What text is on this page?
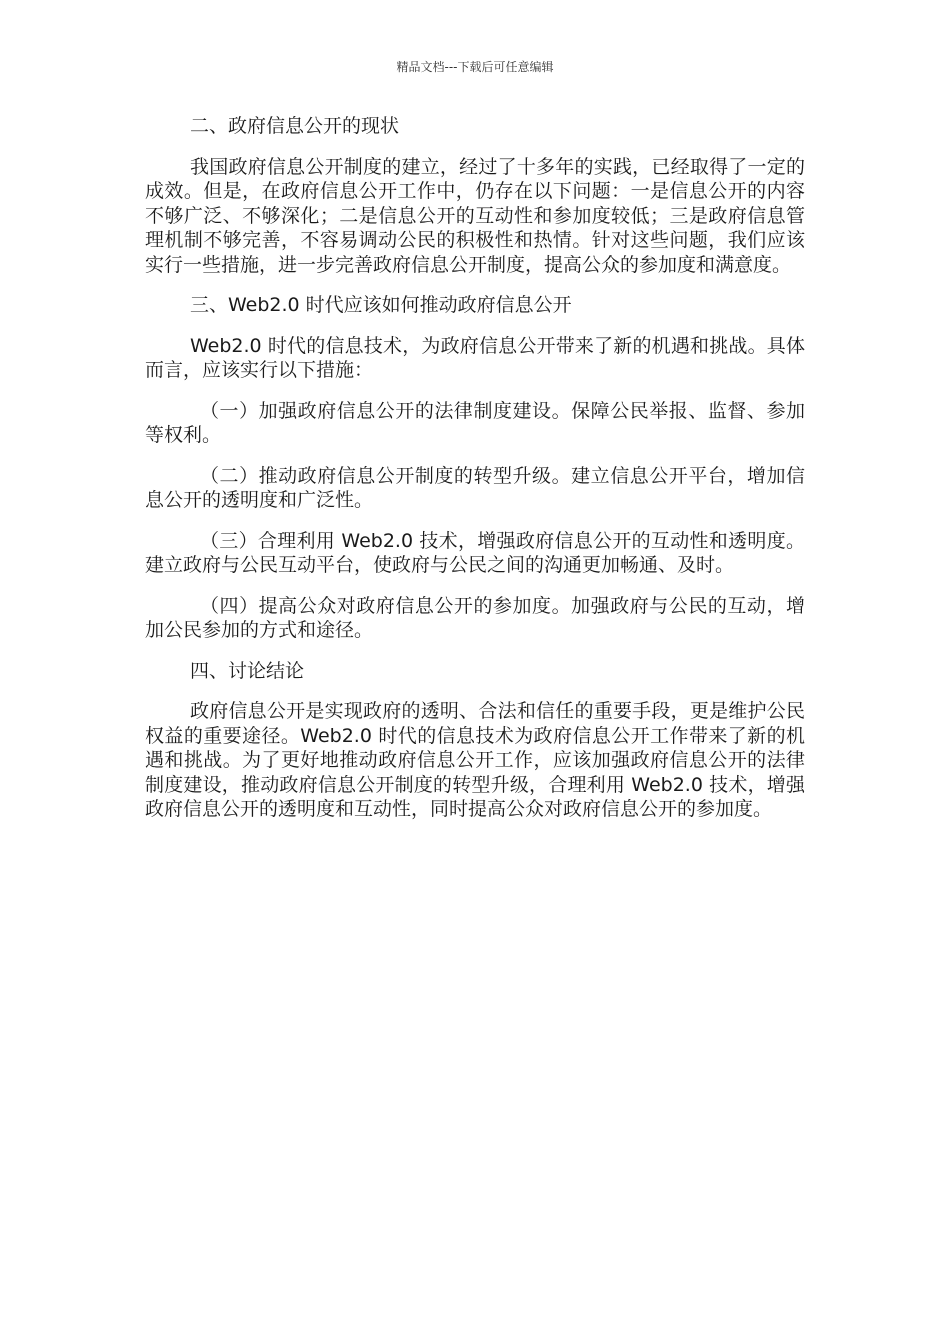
精品文档---下载后可任意编辑

二、政府信息公开的现状

我国政府信息公开制度的建立，经过了十多年的实践，已经取得了一定的成效。但是，在政府信息公开工作中，仍存在以下问题：一是信息公开的内容不够广泛、不够深化；二是信息公开的互动性和参加度较低；三是政府信息管理机制不够完善，不容易调动公民的积极性和热情。针对这些问题，我们应该实行一些措施，进一步完善政府信息公开制度，提高公众的参加度和满意度。

三、Web2.0 时代应该如何推动政府信息公开

Web2.0 时代的信息技术，为政府信息公开带来了新的机遇和挑战。具体而言，应该实行以下措施：

（一）加强政府信息公开的法律制度建设。保障公民举报、监督、参加等权利。

（二）推动政府信息公开制度的转型升级。建立信息公开平台，增加信息公开的透明度和广泛性。

（三）合理利用 Web2.0 技术，增强政府信息公开的互动性和透明度。建立政府与公民互动平台，使政府与公民之间的沟通更加畅通、及时。

（四）提高公众对政府信息公开的参加度。加强政府与公民的互动，增加公民参加的方式和途径。

四、讨论结论

政府信息公开是实现政府的透明、合法和信任的重要手段，更是维护公民权益的重要途径。Web2.0 时代的信息技术为政府信息公开工作带来了新的机遇和挑战。为了更好地推动政府信息公开工作，应该加强政府信息公开的法律制度建设，推动政府信息公开制度的转型升级，合理利用 Web2.0 技术，增强政府信息公开的透明度和互动性，同时提高公众对政府信息公开的参加度。
